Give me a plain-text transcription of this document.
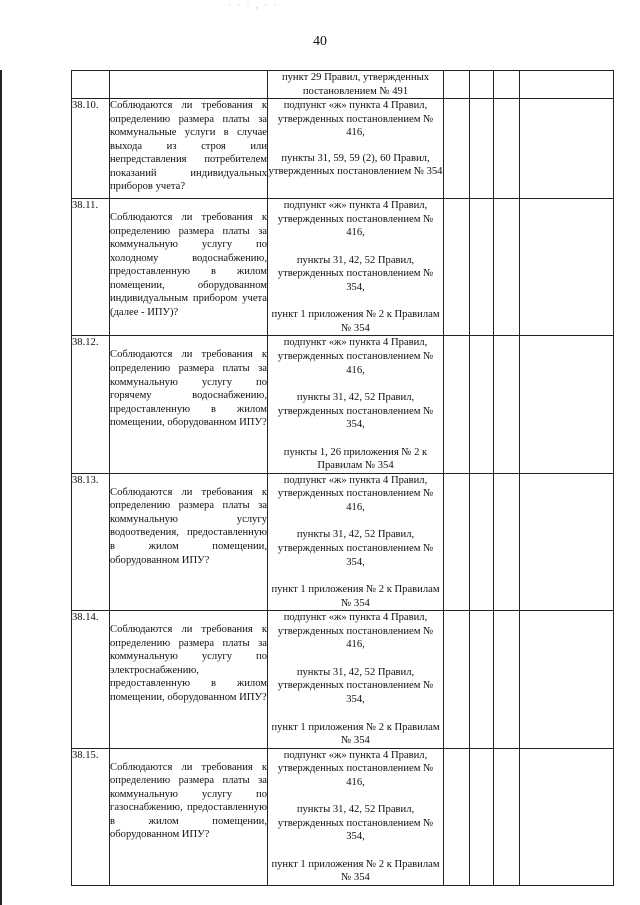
· · · , · ·
40

		пункт 29 Правил, утвержденных постановлением № 491				

38.10.	Соблюдаются ли требования к определению размера платы за коммунальные услуги в случае выхода из строя или непредставления потребителем показаний индивидуальных приборов учета?	подпункт «ж» пункта 4 Правил, утвержденных постановлением № 416,
пункты 31, 59, 59 (2), 60 Правил, утвержденных постановлением № 354				

38.11.	Соблюдаются ли требования к определению размера платы за коммунальную услугу по холодному водоснабжению, предоставленную в жилом помещении, оборудованном индивидуальным прибором учета (далее - ИПУ)?	подпункт «ж» пункта 4 Правил, утвержденных постановлением № 416,
пункты 31, 42, 52 Правил, утвержденных постановлением № 354,
пункт 1 приложения № 2 к Правилам № 354				

38.12.	Соблюдаются ли требования к определению размера платы за коммунальную услугу по горячему водоснабжению, предоставленную в жилом помещении, оборудованном ИПУ?	подпункт «ж» пункта 4 Правил, утвержденных постановлением № 416,
пункты 31, 42, 52 Правил, утвержденных постановлением № 354,
пункты 1, 26 приложения № 2 к Правилам № 354				

38.13.	Соблюдаются ли требования к определению размера платы за коммунальную услугу водоотведения, предоставленную в жилом помещении, оборудованном ИПУ?	подпункт «ж» пункта 4 Правил, утвержденных постановлением № 416,
пункты 31, 42, 52 Правил, утвержденных постановлением № 354,
пункт 1 приложения № 2 к Правилам № 354				

38.14.	Соблюдаются ли требования к определению размера платы за коммунальную услугу по электроснабжению, предоставленную в жилом помещении, оборудованном ИПУ?	подпункт «ж» пункта 4 Правил, утвержденных постановлением № 416,
пункты 31, 42, 52 Правил, утвержденных постановлением № 354,
пункт 1 приложения № 2 к Правилам № 354				

38.15.	Соблюдаются ли требования к определению размера платы за коммунальную услугу по газоснабжению, предоставленную в жилом помещении, оборудованном ИПУ?	подпункт «ж» пункта 4 Правил, утвержденных постановлением № 416,
пункты 31, 42, 52 Правил, утвержденных постановлением № 354,
пункт 1 приложения № 2 к Правилам № 354				
